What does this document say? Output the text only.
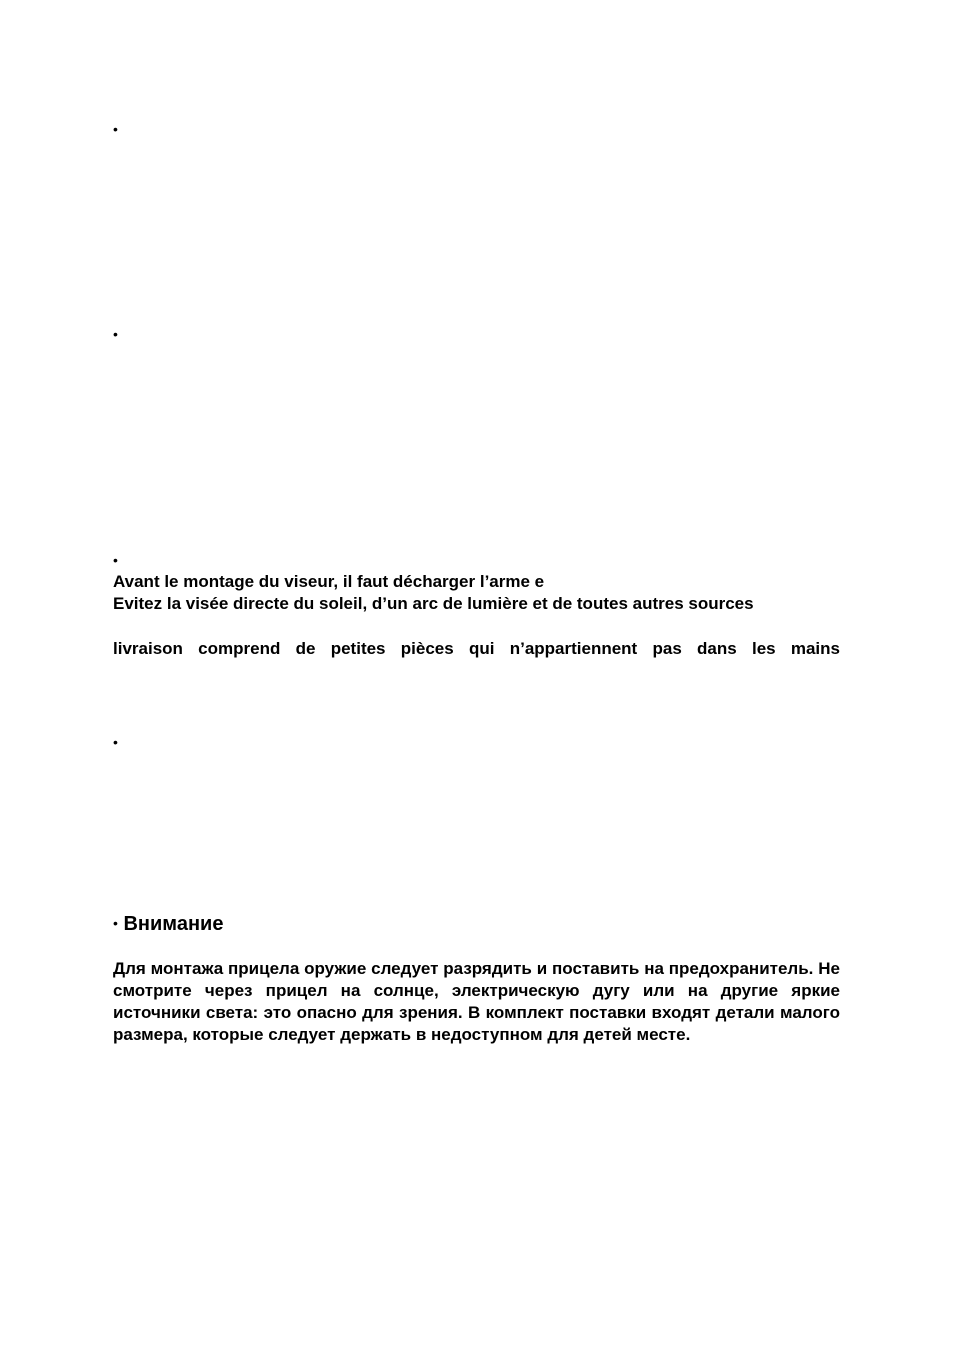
•
•
•
Avant le montage du viseur, il faut décharger l’arme e
Evitez la visée directe du soleil, d’un arc de lumière et de toutes autres sources
livraison comprend de petites pièces qui n’appartiennent pas dans les mains
•
• Внимание
Для монтажа прицела оружие следует разрядить и поставить на предохранитель. Не смотрите через прицел на солнце, электрическую дугу или на другие яркие источники света: это опасно для зрения. В комплект поставки входят детали малого размера, которые следует держать в недоступном для детей месте.
